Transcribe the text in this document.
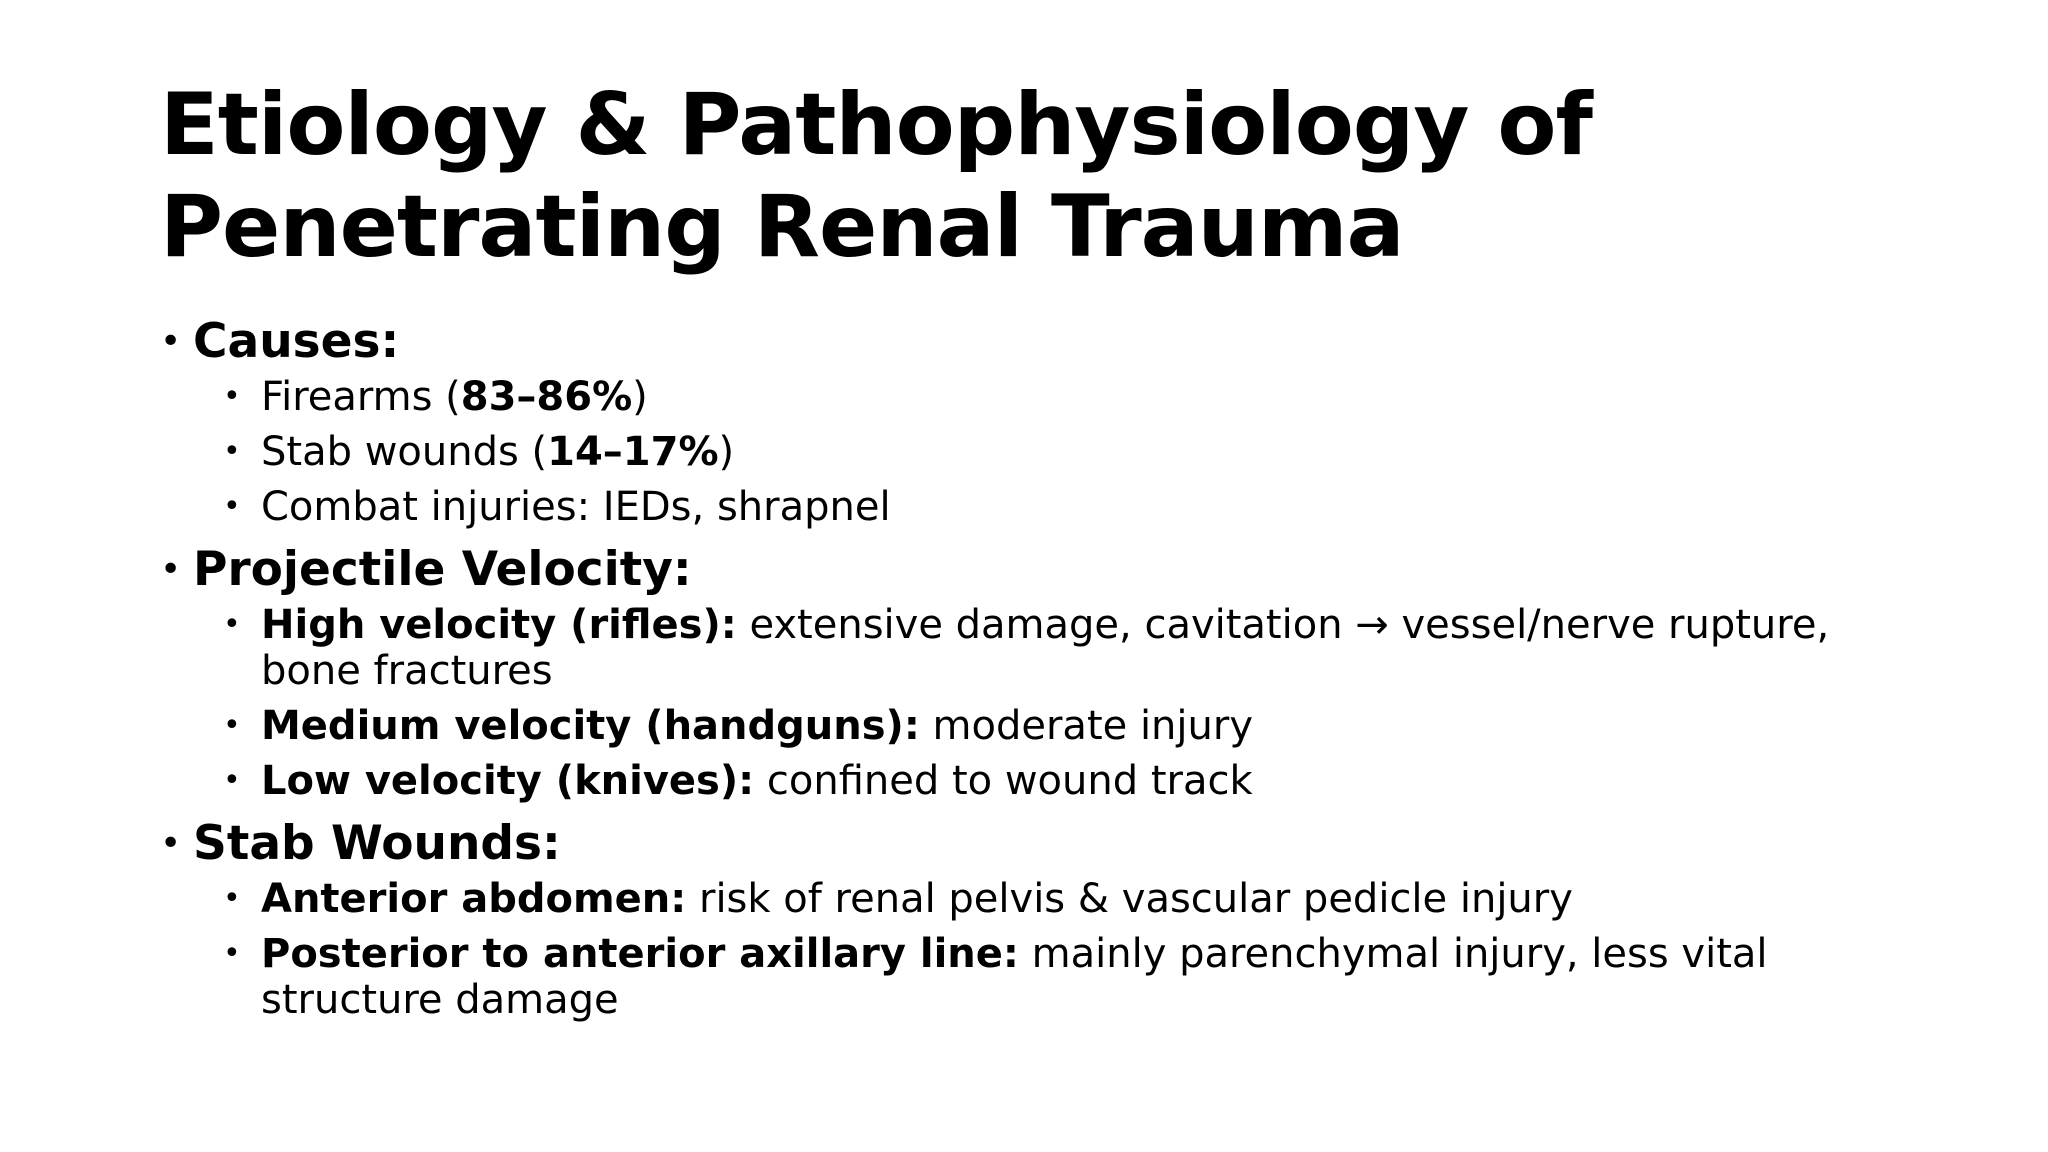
Etiology & Pathophysiology of
Penetrating Renal Trauma
• Causes:
• Firearms (83–86%)
• Stab wounds (14–17%)
• Combat injuries: IEDs, shrapnel
• Projectile Velocity:
• High velocity (rifles): extensive damage, cavitation → vessel/nerve rupture, bone fractures
• Medium velocity (handguns): moderate injury
• Low velocity (knives): confined to wound track
• Stab Wounds:
• Anterior abdomen: risk of renal pelvis & vascular pedicle injury
• Posterior to anterior axillary line: mainly parenchymal injury, less vital structure damage
